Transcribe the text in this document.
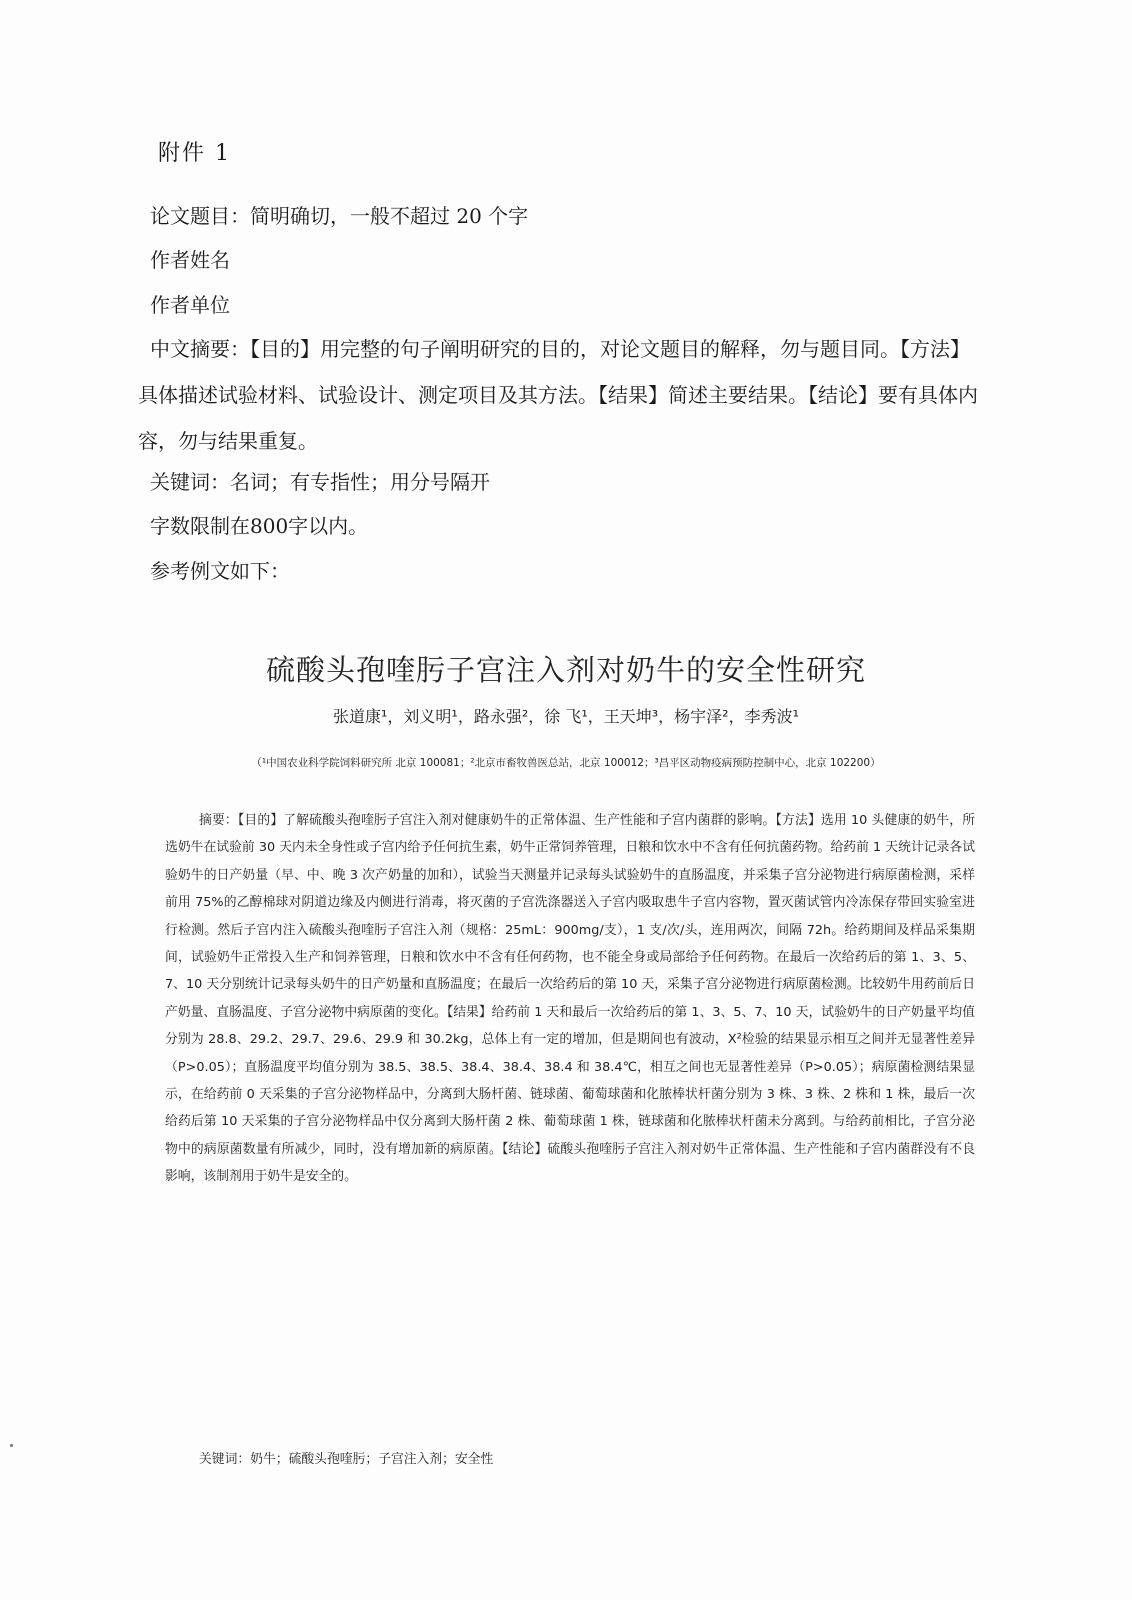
附件 1
论文题目：简明确切，一般不超过 20 个字
作者姓名
作者单位
中文摘要：【目的】用完整的句子阐明研究的目的，对论文题目的解释，勿与题目同。【方法】具体描述试验材料、试验设计、测定项目及其方法。【结果】简述主要结果。【结论】要有具体内容，勿与结果重复。
关键词：名词；有专指性；用分号隔开
字数限制在800字以内。
参考例文如下：
硫酸头孢喹肟子宫注入剂对奶牛的安全性研究
张道康¹，刘义明¹，路永强²，徐 飞¹，王天坤³，杨宇泽²，李秀波¹
（¹中国农业科学院饲料研究所 北京 100081；²北京市畜牧兽医总站，北京 100012；³昌平区动物疫病预防控制中心，北京 102200）
摘要：【目的】了解硫酸头孢喹肟子宫注入剂对健康奶牛的正常体温、生产性能和子宫内菌群的影响。【方法】选用 10 头健康的奶牛，所选奶牛在试验前 30 天内未全身性或子宫内给予任何抗生素，奶牛正常饲养管理，日粮和饮水中不含有任何抗菌药物。给药前 1 天统计记录各试验奶牛的日产奶量（早、中、晚 3 次产奶量的加和），试验当天测量并记录每头试验奶牛的直肠温度，并采集子宫分泌物进行病原菌检测，采样前用 75%的乙醇棉球对阴道边缘及内侧进行消毒，将灭菌的子宫洗涤器送入子宫内吸取患牛子宫内容物，置灭菌试管内冷冻保存带回实验室进行检测。然后子宫内注入硫酸头孢喹肟子宫注入剂（规格：25mL：900mg/支），1 支/次/头，连用两次，间隔 72h。给药期间及样品采集期间，试验奶牛正常投入生产和饲养管理，日粮和饮水中不含有任何药物，也不能全身或局部给予任何药物。在最后一次给药后的第 1、3、5、7、10 天分别统计记录每头奶牛的日产奶量和直肠温度；在最后一次给药后的第 10 天，采集子宫分泌物进行病原菌检测。比较奶牛用药前后日产奶量、直肠温度、子宫分泌物中病原菌的变化。【结果】给药前 1 天和最后一次给药后的第 1、3、5、7、10 天，试验奶牛的日产奶量平均值分别为 28.8、29.2、29.7、29.6、29.9 和 30.2kg，总体上有一定的增加，但是期间也有波动，X²检验的结果显示相互之间并无显著性差异（P>0.05）；直肠温度平均值分别为 38.5、38.5、38.4、38.4、38.4 和 38.4℃，相互之间也无显著性差异（P>0.05）；病原菌检测结果显示，在给药前 0 天采集的子宫分泌物样品中，分离到大肠杆菌、链球菌、葡萄球菌和化脓棒状杆菌分别为 3 株、3 株、2 株和 1 株，最后一次给药后第 10 天采集的子宫分泌物样品中仅分离到大肠杆菌 2 株、葡萄球菌 1 株，链球菌和化脓棒状杆菌未分离到。与给药前相比，子宫分泌物中的病原菌数量有所减少，同时，没有增加新的病原菌。【结论】硫酸头孢喹肟子宫注入剂对奶牛正常体温、生产性能和子宫内菌群没有不良影响，该制剂用于奶牛是安全的。
关键词：奶牛；硫酸头孢喹肟；子宫注入剂；安全性
